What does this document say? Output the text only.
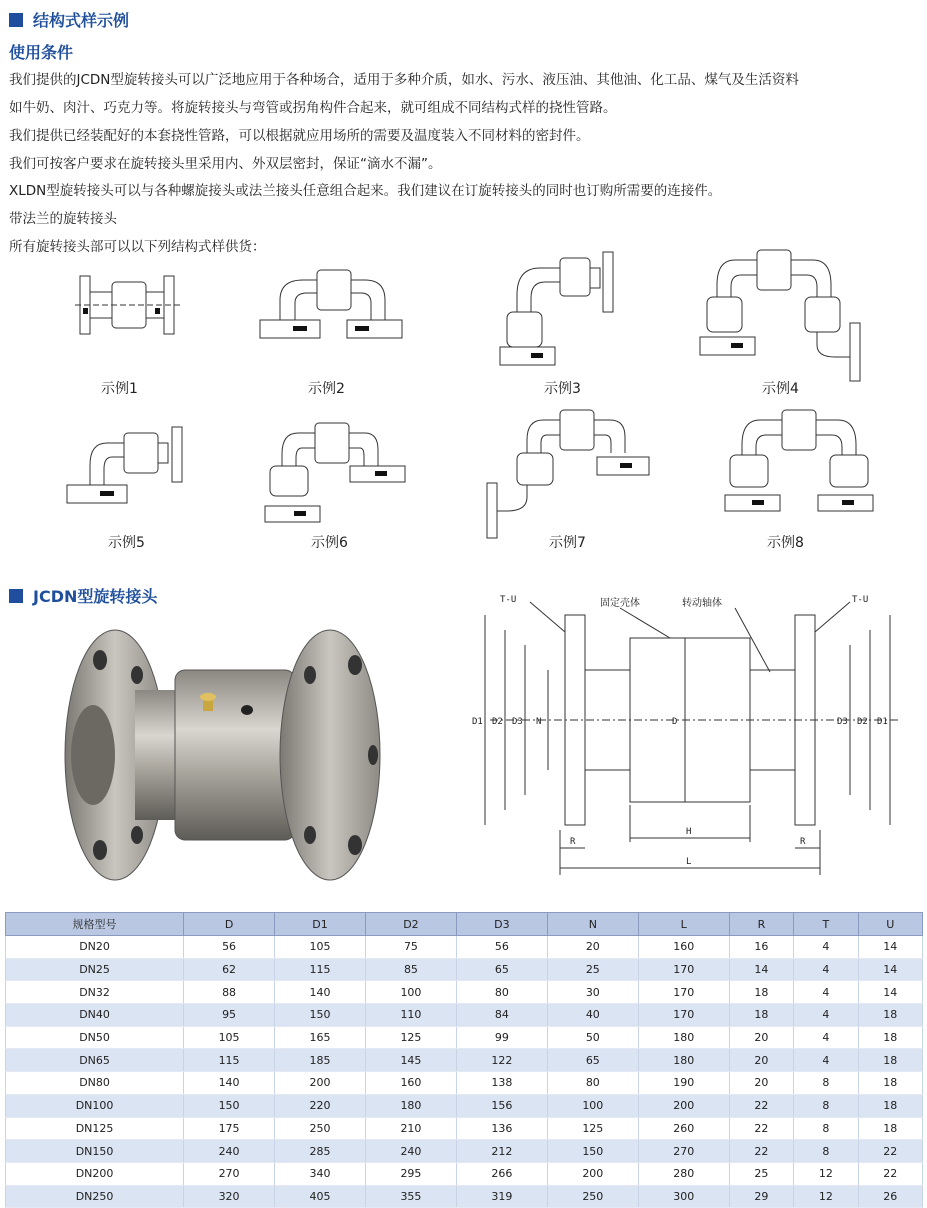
结构式样示例
使用条件
我们提供的JCDN型旋转接头可以广泛地应用于各种场合，适用于多种介质，如水、污水、液压油、其他油、化工品、煤气及生活资料
如牛奶、肉汁、巧克力等。将旋转接头与弯管或拐角构件合起来，就可组成不同结构式样的挠性管路。
我们提供已经装配好的本套挠性管路，可以根据就应用场所的需要及温度装入不同材料的密封件。
我们可按客户要求在旋转接头里采用内、外双层密封，保证“滴水不漏”。
XLDN型旋转接头可以与各种螺旋接头或法兰接头任意组合起来。我们建议在订旋转接头的同时也订购所需要的连接件。
带法兰的旋转接头
所有旋转接头部可以以下列结构式样供货：
示例1	示例2	示例3	示例4
示例5	示例6	示例7	示例8
JCDN型旋转接头	T-U	T-U
固定壳体	转动轴体
D1 D2 D3 N	D	D3 D2 D1
H
R	R
L
规格型号	D	D1	D2	D3	N	L	R	T	U
DN20	56	105	75	56	20	160	16	4	14
DN25	62	115	85	65	25	170	14	4	14
DN32	88	140	100	80	30	170	18	4	14
DN40	95	150	110	84	40	170	18	4	18
DN50	105	165	125	99	50	180	20	4	18
DN65	115	185	145	122	65	180	20	4	18
DN80	140	200	160	138	80	190	20	8	18
DN100	150	220	180	156	100	200	22	8	18
DN125	175	250	210	136	125	260	22	8	18
DN150	240	285	240	212	150	270	22	8	22
DN200	270	340	295	266	200	280	25	12	22
DN250	320	405	355	319	250	300	29	12	26
